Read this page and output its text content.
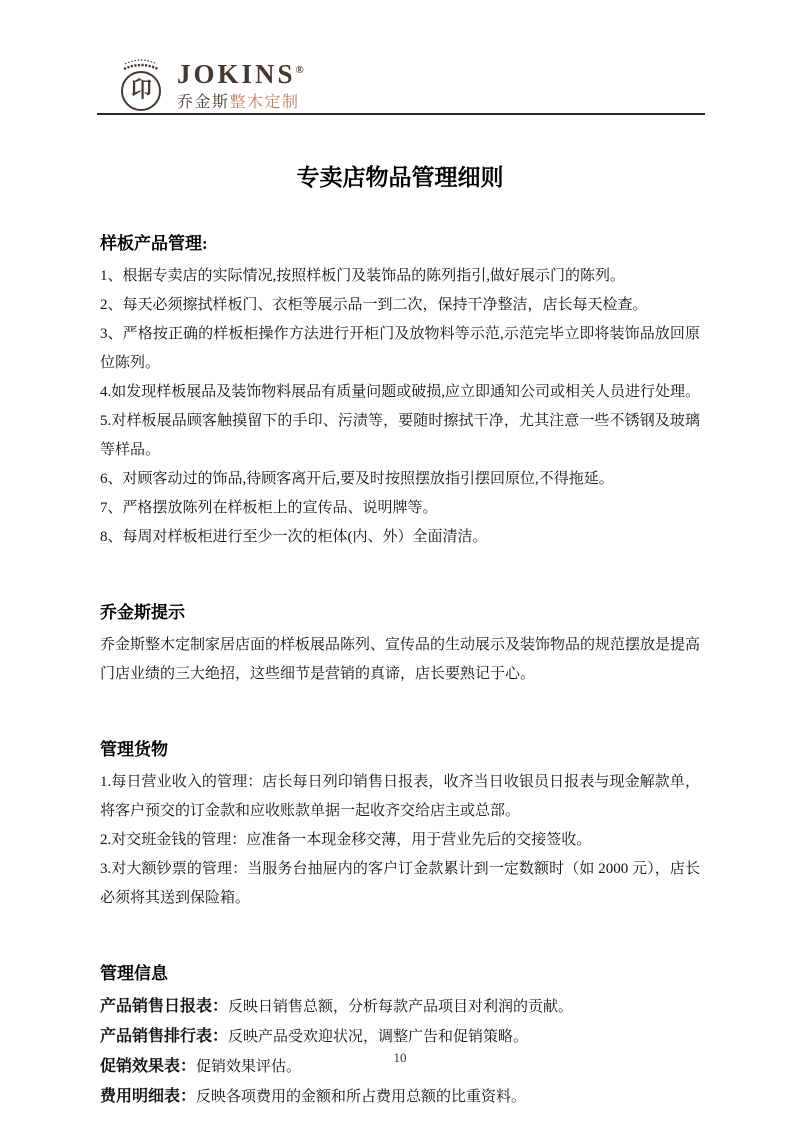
卬
JOKINS®
乔金斯整木定制
专卖店物品管理细则
样板产品管理:

1、根据专卖店的实际情况,按照样板门及装饰品的陈列指引,做好展示门的陈列。

2、每天必须擦拭样板门、衣柜等展示品一到二次，保持干净整洁，店长每天检查。

3、严格按正确的样板柜操作方法进行开柜门及放物料等示范,示范完毕立即将装饰品放回原位陈列。

4.如发现样板展品及装饰物料展品有质量问题或破损,应立即通知公司或相关人员进行处理。

5.对样板展品顾客触摸留下的手印、污渍等，要随时擦拭干净，尤其注意一些不锈钢及玻璃等样品。

6、对顾客动过的饰品,待顾客离开后,要及时按照摆放指引摆回原位,不得拖延。

7、严格摆放陈列在样板柜上的宣传品、说明牌等。

8、每周对样板柜进行至少一次的柜体(内、外）全面清洁。

乔金斯提示

乔金斯整木定制家居店面的样板展品陈列、宣传品的生动展示及装饰物品的规范摆放是提高门店业绩的三大绝招，这些细节是营销的真谛，店长要熟记于心。

管理货物

1.每日营业收入的管理：店长每日列印销售日报表，收齐当日收银员日报表与现金解款单，将客户预交的订金款和应收账款单据一起收齐交给店主或总部。

2.对交班金钱的管理：应准备一本现金移交薄，用于营业先后的交接签收。

3.对大额钞票的管理：当服务台抽屉内的客户订金款累计到一定数额时（如 2000 元），店长必须将其送到保险箱。

管理信息

产品销售日报表：反映日销售总额，分析每款产品项目对利润的贡献。

产品销售排行表：反映产品受欢迎状况，调整广告和促销策略。

促销效果表：促销效果评估。

费用明细表：反映各项费用的金额和所占费用总额的比重资料。

10
